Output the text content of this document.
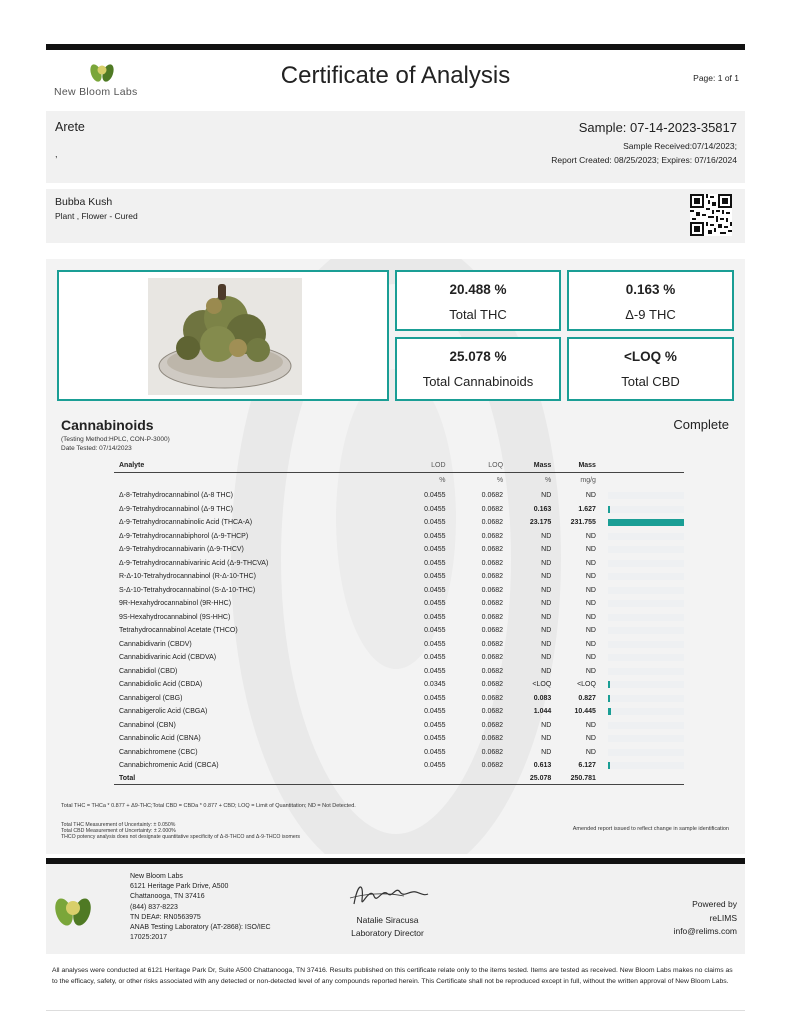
New Bloom Labs
Certificate of Analysis	Page: 1 of 1
Arete
,
Sample: 07-14-2023-35817
Sample Received:07/14/2023;
Report Created: 08/25/2023; Expires: 07/16/2024
Bubba Kush
Plant , Flower - Cured
20.488 %
Total THC
0.163 %
Δ-9 THC
25.078 %
Total Cannabinoids
<LOQ %
Total CBD
Cannabinoids	Complete
(Testing Method:HPLC, CON-P-3000)
Date Tested: 07/14/2023
Analyte	LOD	LOQ	Mass	Mass	
	%	%	%	mg/g	
Δ-8-Tetrahydrocannabinol (Δ-8 THC)	0.0455	0.0682	ND	ND	

Δ-9-Tetrahydrocannabinol (Δ-9 THC)	0.0455	0.0682	0.163	1.627	

Δ-9-Tetrahydrocannabinolic Acid (THCA-A)	0.0455	0.0682	23.175	231.755	

Δ-9-Tetrahydrocannabiphorol (Δ-9-THCP)	0.0455	0.0682	ND	ND	

Δ-9-Tetrahydrocannabivarin (Δ-9-THCV)	0.0455	0.0682	ND	ND	

Δ-9-Tetrahydrocannabivarinic Acid (Δ-9-THCVA)	0.0455	0.0682	ND	ND	

R-Δ-10-Tetrahydrocannabinol (R-Δ-10-THC)	0.0455	0.0682	ND	ND	

S-Δ-10-Tetrahydrocannabinol (S-Δ-10-THC)	0.0455	0.0682	ND	ND	

9R-Hexahydrocannabinol (9R-HHC)	0.0455	0.0682	ND	ND	

9S-Hexahydrocannabinol (9S-HHC)	0.0455	0.0682	ND	ND	

Tetrahydrocannabinol Acetate (THCO)	0.0455	0.0682	ND	ND	

Cannabidivarin (CBDV)	0.0455	0.0682	ND	ND	

Cannabidivarinic Acid (CBDVA)	0.0455	0.0682	ND	ND	

Cannabidiol (CBD)	0.0455	0.0682	ND	ND	

Cannabidiolic Acid (CBDA)	0.0345	0.0682	<LOQ	<LOQ	

Cannabigerol (CBG)	0.0455	0.0682	0.083	0.827	

Cannabigerolic Acid (CBGA)	0.0455	0.0682	1.044	10.445	

Cannabinol (CBN)	0.0455	0.0682	ND	ND	

Cannabinolic Acid (CBNA)	0.0455	0.0682	ND	ND	

Cannabichromene (CBC)	0.0455	0.0682	ND	ND	

Cannabichromenic Acid (CBCA)	0.0455	0.0682	0.613	6.127	

Total			25.078	250.781	
Total THC = THCa * 0.877 + Δ9-THC;Total CBD = CBDa * 0.877 + CBD; LOQ = Limit of Quantitation; ND = Not Detected.
Total THC Measurement of Uncertainty: ± 0.050%
Total CBD Measurement of Uncertainty: ± 2.000%
THCO potency analysis does not designate quantitative specificity of Δ-8-THCO and Δ-9-THCO isomers
Amended report issued to reflect change in sample identification
New Bloom Labs
6121 Heritage Park Drive, A500
Chattanooga, TN 37416
(844) 837-8223
TN DEA#: RN0563975
ANAB Testing Laboratory (AT-2868): ISO/IEC
17025:2017
Natalie Siracusa
Laboratory Director
Powered by
reLIMS
info@relims.com
All analyses were conducted at 6121 Heritage Park Dr, Suite A500 Chattanooga, TN 37416. Results published on this certificate relate only to the items tested. Items are tested as received. New Bloom Labs makes no claims as to the efficacy, safety, or other risks associated with any detected or non-detected level of any compounds reported herein. This Certificate shall not be reproduced except in full, without the written approval of New Bloom Labs.
